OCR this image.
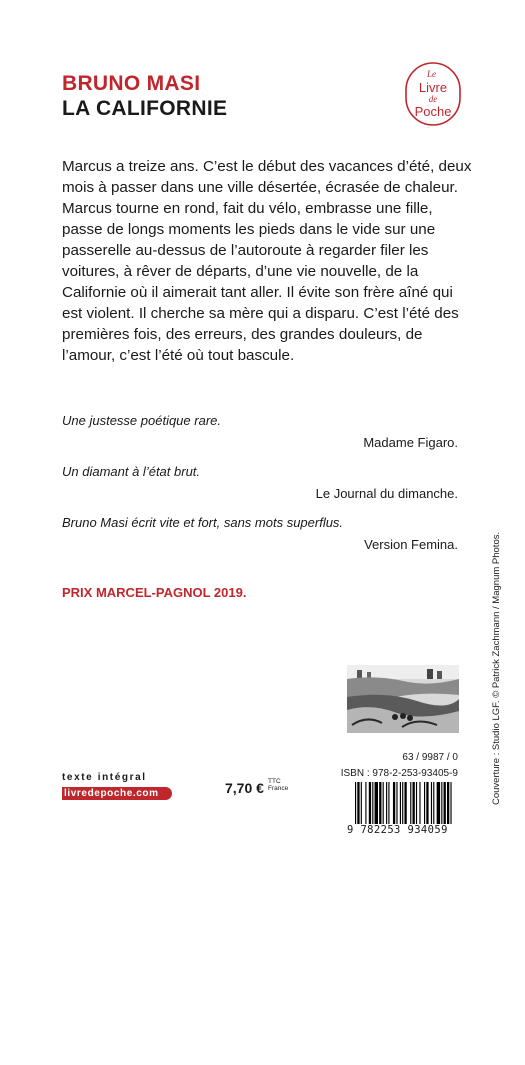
BRUNO MASI
LA CALIFORNIE
Le
Livre
de
Poche

Marcus a treize ans. C’est le début des vacances d’été, deux mois à passer dans une ville désertée, écrasée de chaleur. Marcus tourne en rond, fait du vélo, embrasse une fille, passe de longs moments les pieds dans le vide sur une passerelle au-dessus de l’autoroute à regarder filer les voitures, à rêver de départs, d’une vie nouvelle, de la Californie où il aimerait tant aller. Il évite son frère aîné qui est violent. Il cherche sa mère qui a disparu. C’est l’été des premières fois, des erreurs, des grandes douleurs, de l’amour, c’est l’été où tout bascule.

Une justesse poétique rare.

Madame Figaro.

Un diamant à l’état brut.

Le Journal du dimanche.

Bruno Masi écrit vite et fort, sans mots superflus.

Version Femina.

PRIX MARCEL-PAGNOL 2019.	Couverture : Studio LGF. © Patrick Zachmann / Magnum Photos.

63 / 9987 / 0

ISBN : 978-2-253-93405-9

9 782253 934059

texte intégral

livredepoche.com	7,70 € TTC
France
